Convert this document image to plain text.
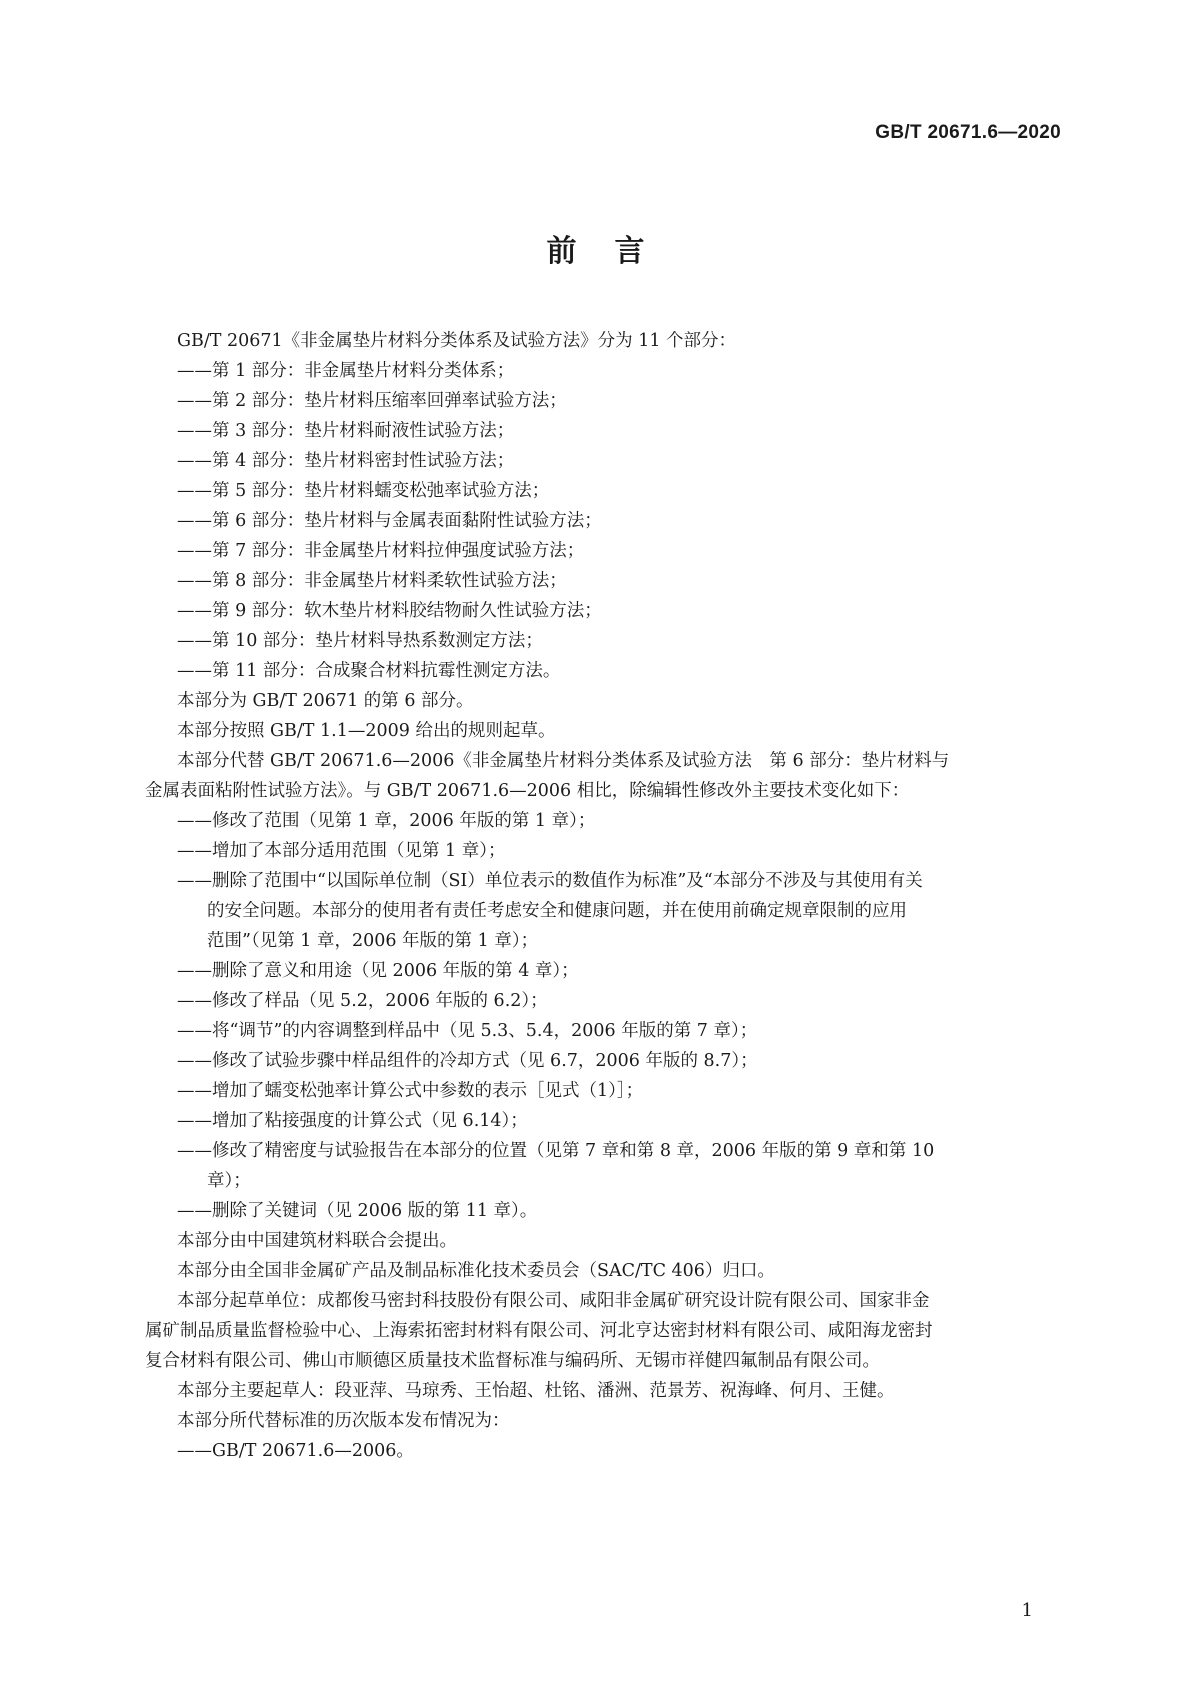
GB/T 20671.6—2020
前言
GB/T 20671《非金属垫片材料分类体系及试验方法》分为 11 个部分：
——第 1 部分：非金属垫片材料分类体系；
——第 2 部分：垫片材料压缩率回弹率试验方法；
——第 3 部分：垫片材料耐液性试验方法；
——第 4 部分：垫片材料密封性试验方法；
——第 5 部分：垫片材料蠕变松弛率试验方法；
——第 6 部分：垫片材料与金属表面黏附性试验方法；
——第 7 部分：非金属垫片材料拉伸强度试验方法；
——第 8 部分：非金属垫片材料柔软性试验方法；
——第 9 部分：软木垫片材料胶结物耐久性试验方法；
——第 10 部分：垫片材料导热系数测定方法；
——第 11 部分：合成聚合材料抗霉性测定方法。
本部分为 GB/T 20671 的第 6 部分。
本部分按照 GB/T 1.1—2009 给出的规则起草。
本部分代替 GB/T 20671.6—2006《非金属垫片材料分类体系及试验方法　第 6 部分：垫片材料与
金属表面粘附性试验方法》。与 GB/T 20671.6—2006 相比，除编辑性修改外主要技术变化如下：
——修改了范围（见第 1 章，2006 年版的第 1 章）；
——增加了本部分适用范围（见第 1 章）；
——删除了范围中“以国际单位制（SI）单位表示的数值作为标准”及“本部分不涉及与其使用有关
的安全问题。本部分的使用者有责任考虑安全和健康问题，并在使用前确定规章限制的应用
范围”（见第 1 章，2006 年版的第 1 章）；
——删除了意义和用途（见 2006 年版的第 4 章）；
——修改了样品（见 5.2，2006 年版的 6.2）；
——将“调节”的内容调整到样品中（见 5.3、5.4，2006 年版的第 7 章）；
——修改了试验步骤中样品组件的冷却方式（见 6.7，2006 年版的 8.7）；
——增加了蠕变松弛率计算公式中参数的表示［见式（1）］；
——增加了粘接强度的计算公式（见 6.14）；
——修改了精密度与试验报告在本部分的位置（见第 7 章和第 8 章，2006 年版的第 9 章和第 10
章）；
——删除了关键词（见 2006 版的第 11 章）。
本部分由中国建筑材料联合会提出。
本部分由全国非金属矿产品及制品标准化技术委员会（SAC/TC 406）归口。
本部分起草单位：成都俊马密封科技股份有限公司、咸阳非金属矿研究设计院有限公司、国家非金
属矿制品质量监督检验中心、上海索拓密封材料有限公司、河北亨达密封材料有限公司、咸阳海龙密封
复合材料有限公司、佛山市顺德区质量技术监督标准与编码所、无锡市祥健四氟制品有限公司。
本部分主要起草人：段亚萍、马琼秀、王怡超、杜铭、潘洲、范景芳、祝海峰、何月、王健。
本部分所代替标准的历次版本发布情况为：
——GB/T 20671.6—2006。
1
